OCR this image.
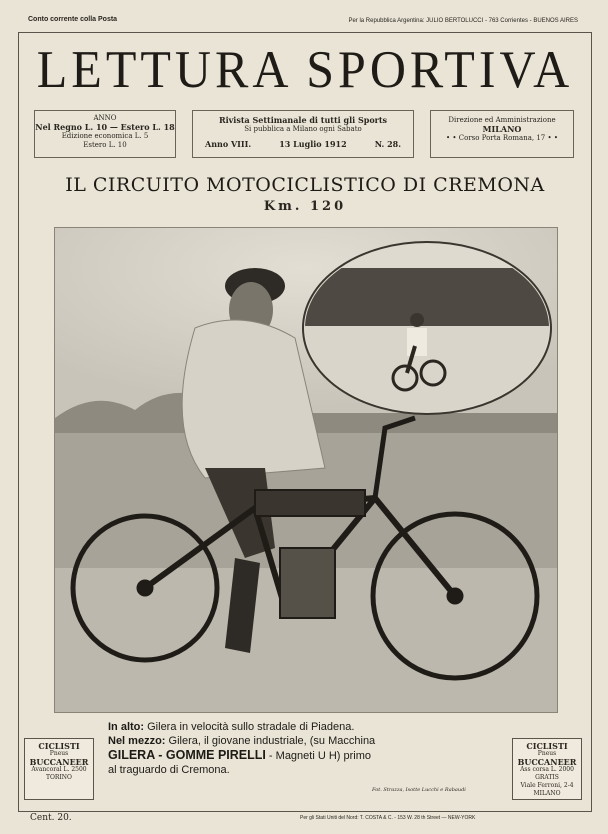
Conto corrente colla Posta	Per la Repubblica Argentina: JULIO BERTOLUCCI - 763 Corrientes - BUENOS AIRES
LETTURA SPORTIVA
ANNO
Nel Regno L. 10 — Estero L. 18
Edizione economica L. 5
Estero L. 10
Rivista Settimanale di tutti gli Sports
Si pubblica a Milano ogni Sabato
Anno VIII.	13 Luglio 1912	N. 28.
Direzione ed Amministrazione
MILANO
• • Corso Porta Romana, 17 • •
IL CIRCUITO MOTOCICLISTICO DI CREMONA
Km. 120
In alto: Gilera in velocità sullo stradale di Piadena.
Nel mezzo: Gilera, il giovane industriale, (su Macchina
GILERA - GOMME PIRELLI - Magneti U H) primo
al traguardo di Cremona.
Fot. Strazza, Isotte Lucchi e Rabaudi
CICLISTI
Pneus
BUCCANEER
Avancoral L. 2500
TORINO
CICLISTI
Pneus
BUCCANEER
Ass corsa L. 2000
GRATIS
Viale Ferroni, 2-4
MILANO
Cent. 20.	Per gli Stati Uniti del Nord: T. COSTA & C. - 153 W. 28 th Street — NEW-YORK
